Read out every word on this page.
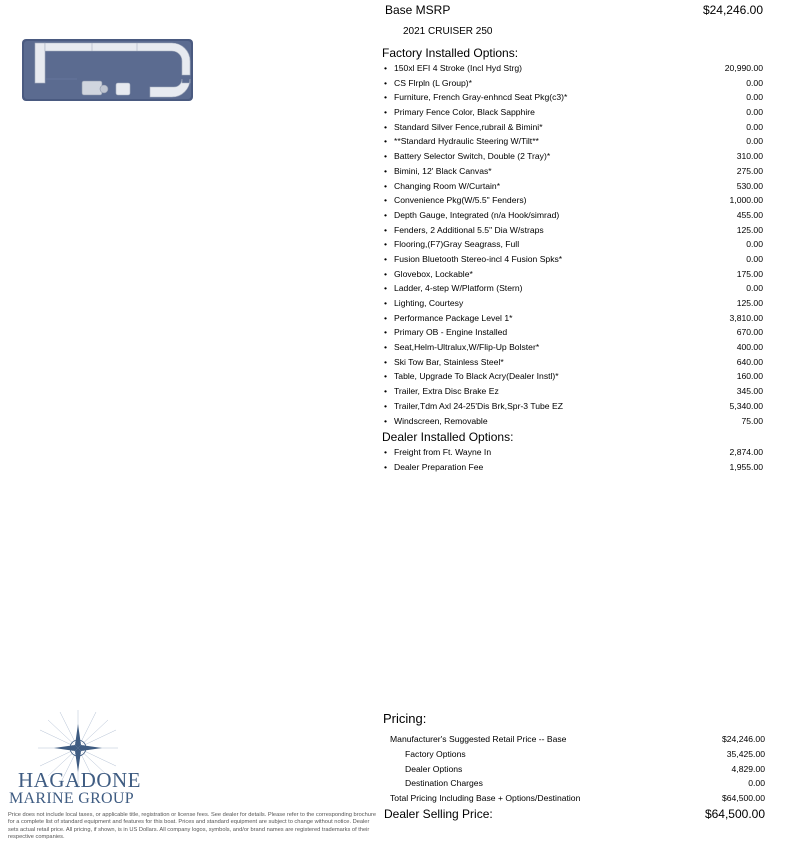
Base MSRP	$24,246.00
2021 CRUISER 250
Factory Installed Options:
• 150xl EFI 4 Stroke (Incl Hyd Strg)	20,990.00
• CS Flrpln (L Group)*	0.00
• Furniture, French Gray-enhncd Seat Pkg(c3)*	0.00
• Primary Fence Color, Black Sapphire	0.00
• Standard Silver Fence,rubrail & Bimini*	0.00
• **Standard Hydraulic Steering W/Tilt**	0.00
• Battery Selector Switch, Double (2 Tray)*	310.00
• Bimini, 12' Black Canvas*	275.00
• Changing Room W/Curtain*	530.00
• Convenience Pkg(W/5.5" Fenders)	1,000.00
• Depth Gauge, Integrated (n/a Hook/simrad)	455.00
• Fenders, 2 Additional 5.5" Dia W/straps	125.00
• Flooring,(F7)Gray Seagrass, Full	0.00
• Fusion Bluetooth Stereo-incl 4 Fusion Spks*	0.00
• Glovebox, Lockable*	175.00
• Ladder, 4-step W/Platform (Stern)	0.00
• Lighting, Courtesy	125.00
• Performance Package Level 1*	3,810.00
• Primary OB - Engine Installed	670.00
• Seat,Helm-Ultralux,W/Flip-Up Bolster*	400.00
• Ski Tow Bar, Stainless Steel*	640.00
• Table, Upgrade To Black Acry(Dealer Instl)*	160.00
• Trailer, Extra Disc Brake Ez	345.00
• Trailer,Tdm Axl 24-25'Dis Brk,Spr-3 Tube EZ	5,340.00
• Windscreen, Removable	75.00
Dealer Installed Options:
• Freight from Ft. Wayne In	2,874.00
• Dealer Preparation Fee	1,955.00
HAGADONE
MARINE GROUP
Price does not include local taxes, or applicable title, registration or license fees. See dealer for details. Please refer to the corresponding brochure for a complete list of standard equipment and features for this boat. Prices and standard equipment are subject to change without notice. Dealer sets actual retail price. All pricing, if shown, is in US Dollars. All company logos, symbols, and/or brand names are registered trademarks of their respective companies.
Pricing:
Manufacturer's Suggested Retail Price -- Base	$24,246.00
Factory Options	35,425.00
Dealer Options	4,829.00
Destination Charges	0.00
Total Pricing Including Base + Options/Destination	$64,500.00
Dealer Selling Price:	$64,500.00
